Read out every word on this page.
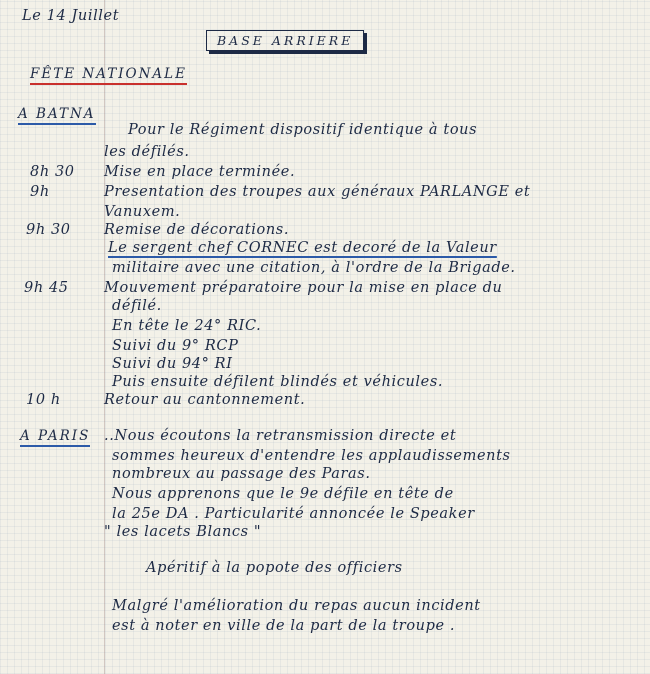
Le 14 Juillet
BASE ARRIERE
FÊTE NATIONALE
A BATNA
Pour le Régiment dispositif identique à tous
les défilés.
8h 30 Mise en place terminée.
9h	Presentation des troupes aux généraux PARLANGE et
Vanuxem.
9h 30 Remise de décorations.
Le sergent chef CORNEC est decoré de la Valeur
militaire avec une citation, à l'ordre de la Brigade.
9h 45 Mouvement préparatoire pour la mise en place du
défilé.
En tête le 24° RIC.
Suivi du 9° RCP
Suivi du 94° RI
Puis ensuite défilent blindés et véhicules.
10 h	Retour au cantonnement.
A PARIS ..Nous écoutons la retransmission directe et
sommes heureux d'entendre les applaudissements
nombreux au passage des Paras.
Nous apprenons que le 9e défile en tête de
la 25e DA . Particularité annoncée le Speaker
" les lacets Blancs "
Apéritif à la popote des officiers
Malgré l'amélioration du repas aucun incident
est à noter en ville de la part de la troupe .
